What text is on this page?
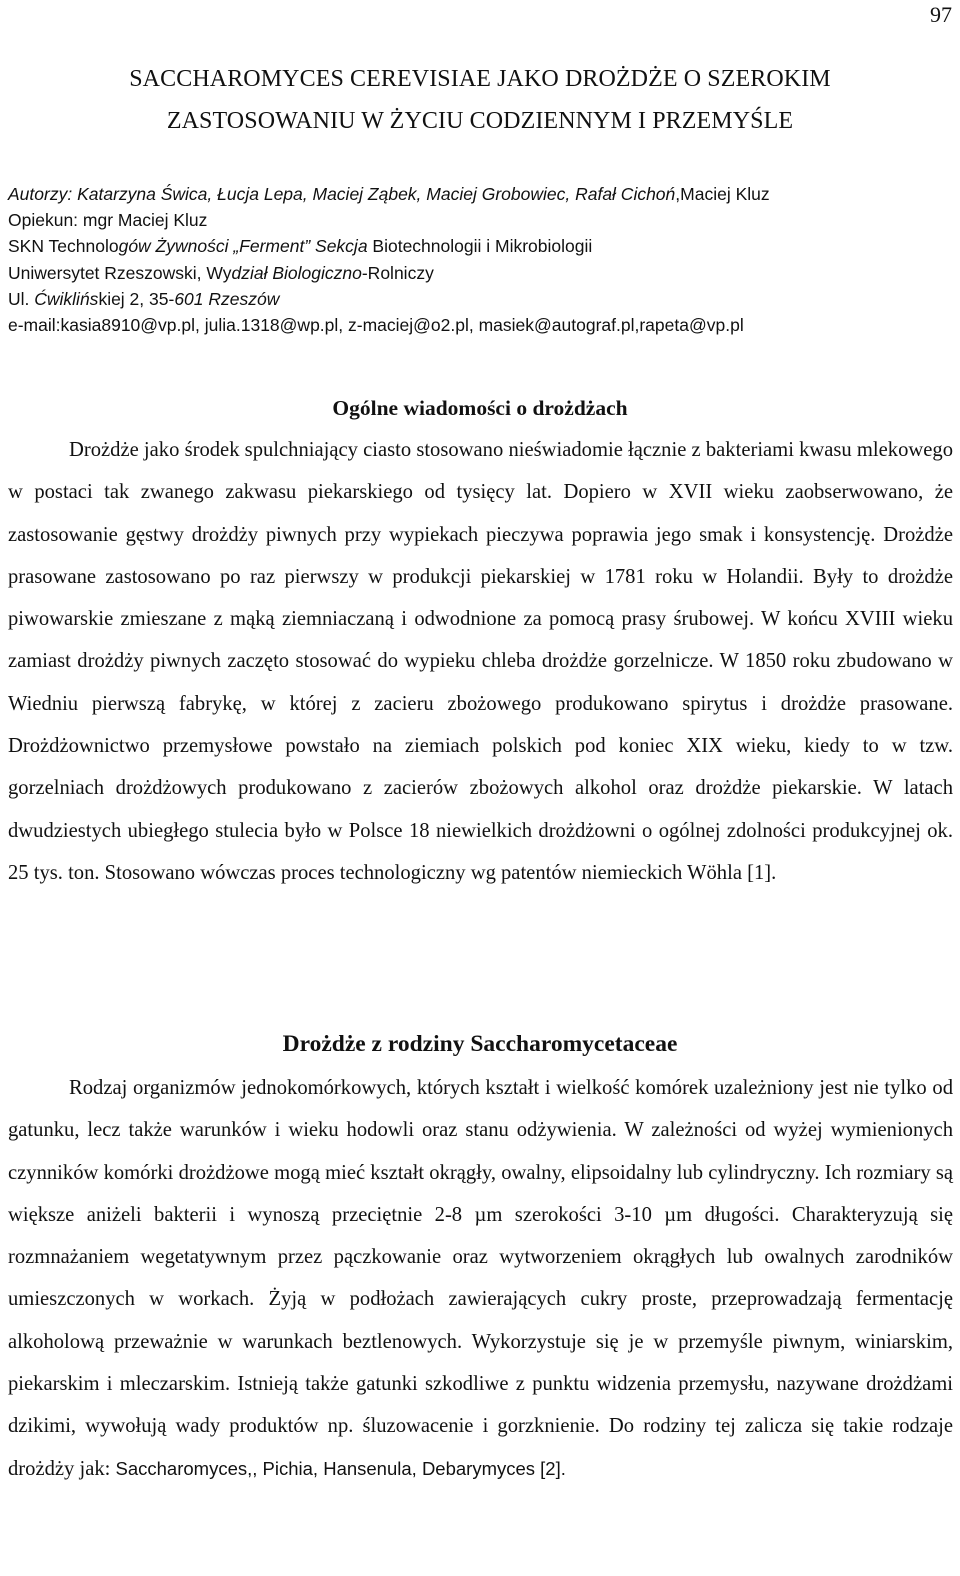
97
SACCHAROMYCES CEREVISIAE JAKO DROŻDŻE O SZEROKIM
ZASTOSOWANIU W ŻYCIU CODZIENNYM I PRZEMYŚLE
Autorzy: Katarzyna Świca, Łucja Lepa, Maciej Ząbek, Maciej Grobowiec, Rafał Cichoń,Maciej Kluz
Opiekun: mgr Maciej Kluz
SKN Technologów Żywności „Ferment” Sekcja Biotechnologii i Mikrobiologii
Uniwersytet Rzeszowski, Wydział Biologiczno-Rolniczy
Ul. Ćwiklińskiej 2, 35-601 Rzeszów
e-mail:kasia8910@vp.pl, julia.1318@wp.pl, z-maciej@o2.pl, masiek@autograf.pl,rapeta@vp.pl
Ogólne wiadomości o drożdżach

Drożdże jako środek spulchniający ciasto stosowano nieświadomie łącznie z bakteriami kwasu mlekowego w postaci tak zwanego zakwasu piekarskiego od tysięcy lat. Dopiero w XVII wieku zaobserwowano, że zastosowanie gęstwy drożdży piwnych przy wypiekach pieczywa poprawia jego smak i konsystencję. Drożdże prasowane zastosowano po raz pierwszy w produkcji piekarskiej w 1781 roku w Holandii. Były to drożdże piwowarskie zmieszane z mąką ziemniaczaną i odwodnione za pomocą prasy śrubowej. W końcu XVIII wieku zamiast drożdży piwnych zaczęto stosować do wypieku chleba drożdże gorzelnicze. W 1850 roku zbudowano w Wiedniu pierwszą fabrykę, w której z zacieru zbożowego produkowano spirytus i drożdże prasowane. Drożdżownictwo przemysłowe powstało na ziemiach polskich pod koniec XIX wieku, kiedy to w tzw. gorzelniach drożdżowych produkowano z zacierów zbożowych alkohol oraz drożdże piekarskie. W latach dwudziestych ubiegłego stulecia było w Polsce 18 niewielkich drożdżowni o ogólnej zdolności produkcyjnej ok. 25 tys. ton. Stosowano wówczas proces technologiczny wg patentów niemieckich Wöhla [1].

Drożdże z rodziny Saccharomycetaceae

Rodzaj organizmów jednokomórkowych, których kształt i wielkość komórek uzależniony jest nie tylko od gatunku, lecz także warunków i wieku hodowli oraz stanu odżywienia. W zależności od wyżej wymienionych czynników komórki drożdżowe mogą mieć kształt okrągły, owalny, elipsoidalny lub cylindryczny. Ich rozmiary są większe aniżeli bakterii i wynoszą przeciętnie 2-8 µm szerokości 3-10 µm długości. Charakteryzują się rozmnażaniem wegetatywnym przez pączkowanie oraz wytworzeniem okrągłych lub owalnych zarodników umieszczonych w workach. Żyją w podłożach zawierających cukry proste, przeprowadzają fermentację alkoholową przeważnie w warunkach beztlenowych. Wykorzystuje się je w przemyśle piwnym, winiarskim, piekarskim i mleczarskim. Istnieją także gatunki szkodliwe z punktu widzenia przemysłu, nazywane drożdżami dzikimi, wywołują wady produktów np. śluzowacenie i gorzknienie. Do rodziny tej zalicza się takie rodzaje drożdży jak: Saccharomyces,, Pichia, Hansenula, Debarymyces [2].
